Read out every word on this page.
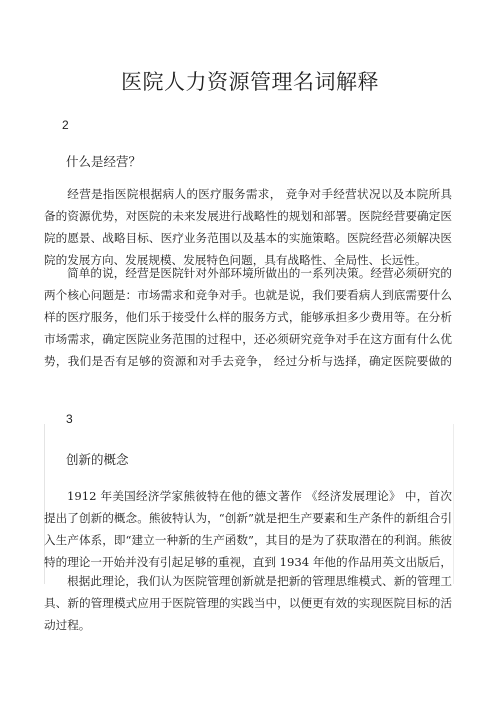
医院人力资源管理名词解释
2
什么是经营？

经营是指医院根据病人的医疗服务需求， 竞争对手经营状况以及本院所具备的资源优势，对医院的未来发展进行战略性的规划和部署。医院经营要确定医院的愿景、战略目标、医疗业务范围以及基本的实施策略。医院经营必须解决医院的发展方向、发展规模、发展特色问题，具有战略性、全局性、长远性。

简单的说，经营是医院针对外部环境所做出的一系列决策。经营必须研究的两个核心问题是：市场需求和竞争对手。也就是说，我们要看病人到底需要什么样的医疗服务，他们乐于接受什么样的服务方式，能够承担多少费用等。在分析市场需求，确定医院业务范围的过程中，还必须研究竞争对手在这方面有什么优势，我们是否有足够的资源和对手去竞争， 经过分析与选择，确定医院要做的

3
创新的概念

1912 年美国经济学家熊彼特在他的德文著作 《经济发展理论》 中，首次提出了创新的概念。熊彼特认为，“创新”就是把生产要素和生产条件的新组合引入生产体系，即“建立一种新的生产函数”，其目的是为了获取潜在的利润。熊彼特的理论一开始并没有引起足够的重视，直到 1934 年他的作品用英文出版后，

根据此理论，我们认为医院管理创新就是把新的管理思维模式、新的管理工具、新的管理模式应用于医院管理的实践当中，以便更有效的实现医院目标的活动过程。
